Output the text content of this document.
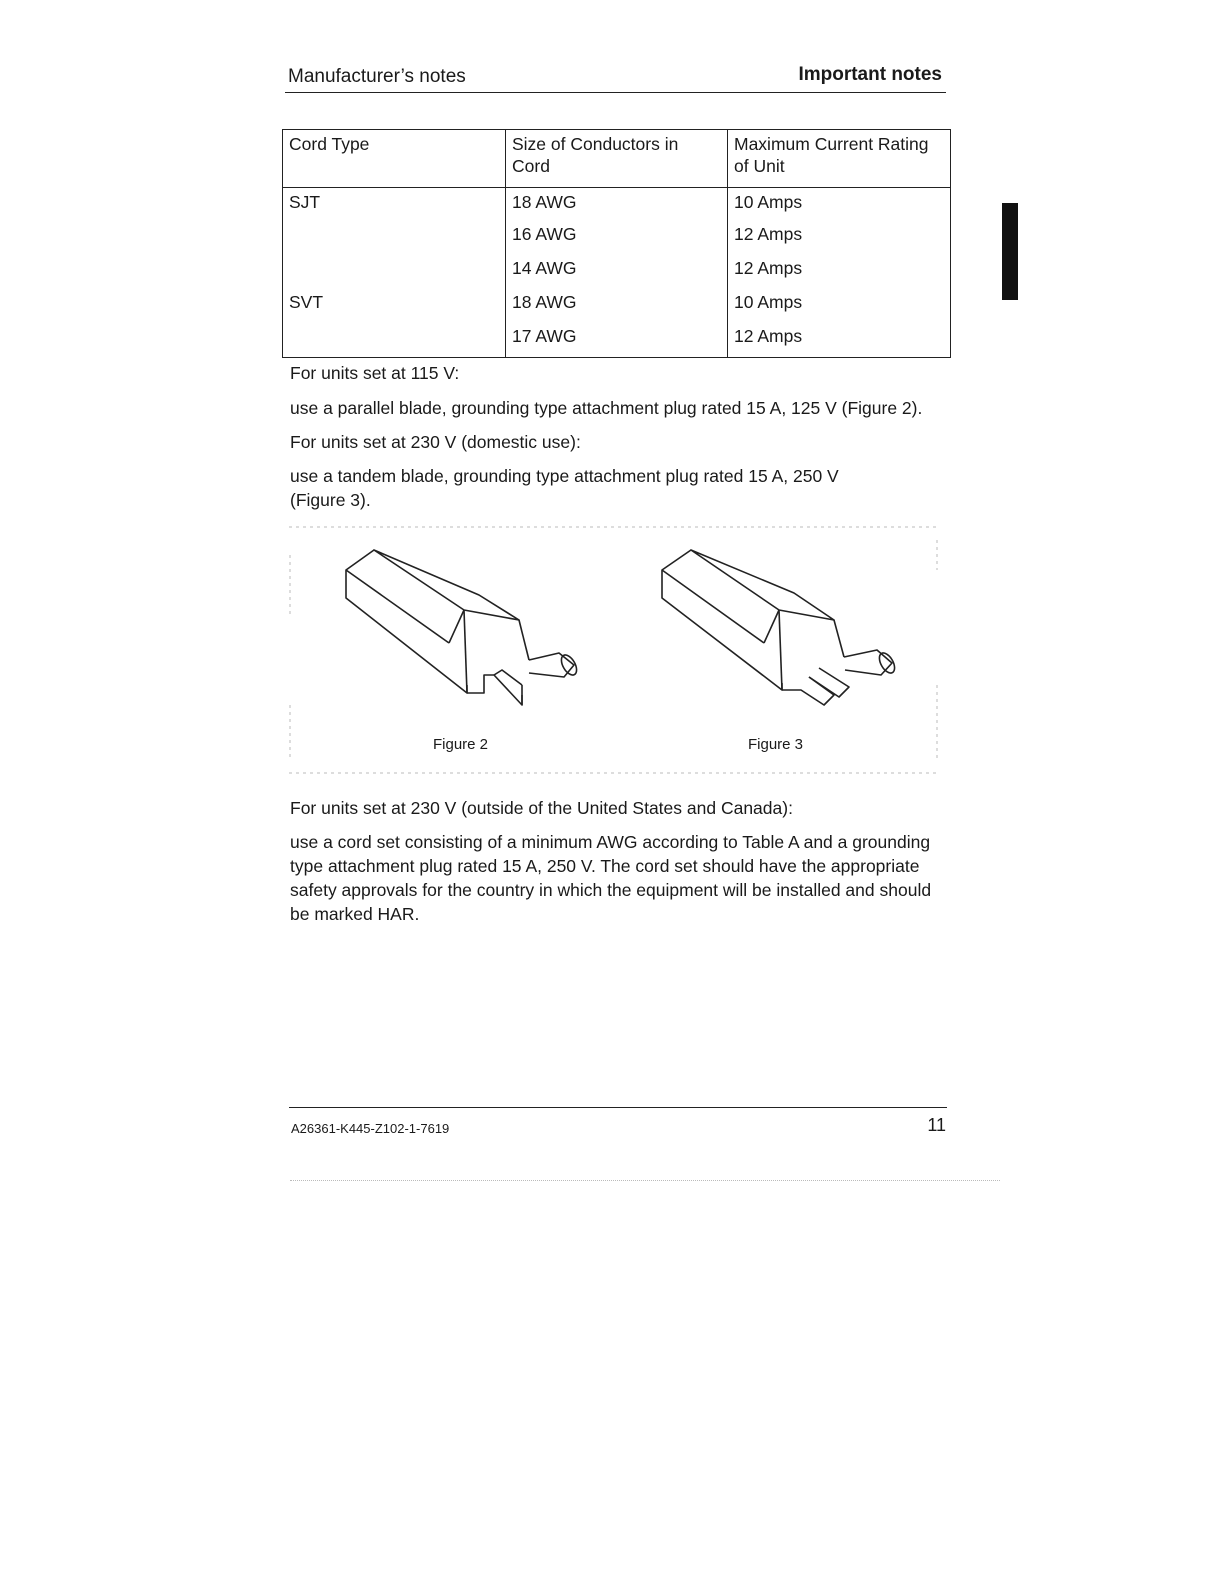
Manufacturer’s notes	Important notes
Cord Type	Size of Conductors in Cord	Maximum Current Rating of Unit
SJT	18 AWG	10 Amps
	16 AWG	12 Amps
	14 AWG	12 Amps
SVT	18 AWG	10 Amps
	17 AWG	12 Amps

For units set at 115 V:

use a parallel blade, grounding type attachment plug rated 15 A, 125 V (Figure 2).

For units set at 230 V (domestic use):

use a tandem blade, grounding type attachment plug rated 15 A, 250 V (Figure 3).

Figure 2	Figure 3

For units set at 230 V (outside of the United States and Canada):

use a cord set consisting of a minimum AWG according to Table A and a grounding type attachment plug rated 15 A, 250 V. The cord set should have the appropriate safety approvals for the country in which the equipment will be installed and should be marked HAR.

A26361-K445-Z102-1-7619	11
